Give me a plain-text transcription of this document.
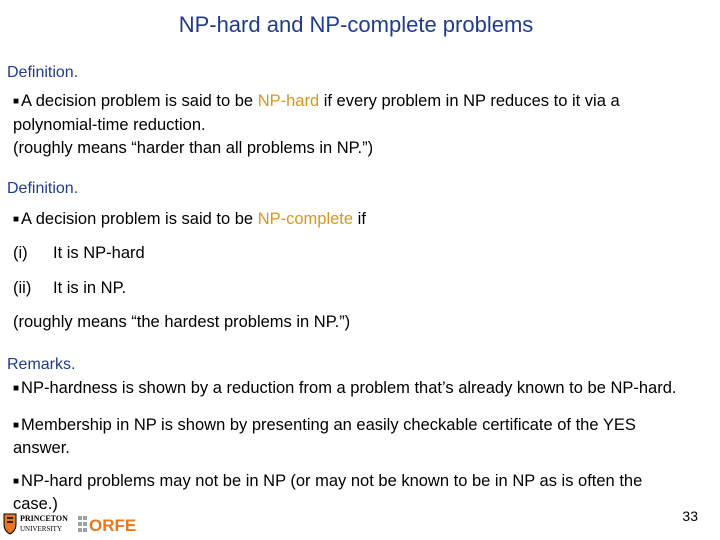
NP-hard and NP-complete problems
Definition.
■ A decision problem is said to be NP-hard if every problem in NP reduces to it via a
polynomial-time reduction.
(roughly means “harder than all problems in NP.”)
Definition.
■ A decision problem is said to be NP-complete if
(i) It is NP-hard
(ii) It is in NP.
(roughly means “the hardest problems in NP.”)
Remarks.
■ NP-hardness is shown by a reduction from a problem that’s already known to be NP-hard.
■ Membership in NP is shown by presenting an easily checkable certificate of the YES
answer.
■ NP-hard problems may not be in NP (or may not be known to be in NP as is often the
case.)
PRINCETON
UNIVERSITY ORFE	33
